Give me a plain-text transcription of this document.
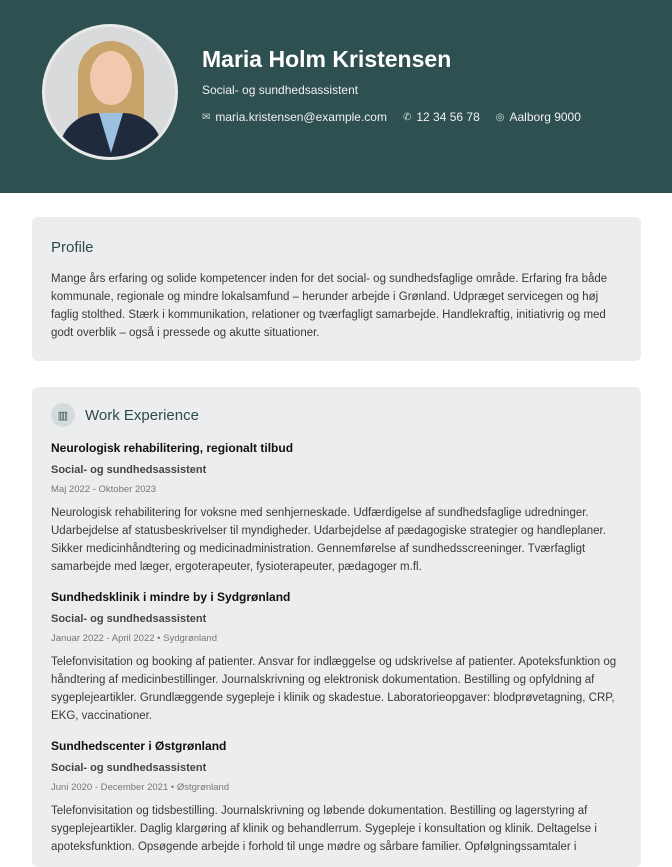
Maria Holm Kristensen
Social- og sundhedsassistent
✉ maria.kristensen@example.com ✆ 12 34 56 78 ◎ Aalborg 9000
Profile

Mange års erfaring og solide kompetencer inden for det social- og sundhedsfaglige område. Erfaring fra både kommunale, regionale og mindre lokalsamfund – herunder arbejde i Grønland. Udpræget servicegen og høj faglig stolthed. Stærk i kommunikation, relationer og tværfagligt samarbejde. Handlekraftig, initiativrig og med godt overblik – også i pressede og akutte situationer.

▥	Work Experience
Neurologisk rehabilitering, regionalt tilbud
Social- og sundhedsassistent
Maj 2022 - Oktober 2023
Neurologisk rehabilitering for voksne med senhjerneskade. Udfærdigelse af sundhedsfaglige udredninger. Udarbejdelse af statusbeskrivelser til myndigheder. Udarbejdelse af pædagogiske strategier og handleplaner. Sikker medicinhåndtering og medicinadministration. Gennemførelse af sundhedsscreeninger. Tværfagligt samarbejde med læger, ergoterapeuter, fysioterapeuter, pædagoger m.fl.
Sundhedsklinik i mindre by i Sydgrønland
Social- og sundhedsassistent
Januar 2022 - April 2022 • Sydgrønland
Telefonvisitation og booking af patienter. Ansvar for indlæggelse og udskrivelse af patienter. Apoteksfunktion og håndtering af medicinbestillinger. Journalskrivning og elektronisk dokumentation. Bestilling og opfyldning af sygeplejeartikler. Grundlæggende sygepleje i klinik og skadestue. Laboratorieopgaver: blodprøvetagning, CRP, EKG, vaccinationer.
Sundhedscenter i Østgrønland
Social- og sundhedsassistent
Juni 2020 - December 2021 • Østgrønland
Telefonvisitation og tidsbestilling. Journalskrivning og løbende dokumentation. Bestilling og lagerstyring af sygeplejeartikler. Daglig klargøring af klinik og behandlerrum. Sygepleje i konsultation og klinik. Deltagelse i apoteksfunktion. Opsøgende arbejde i forhold til unge mødre og sårbare familier. Opfølgningssamtaler i
